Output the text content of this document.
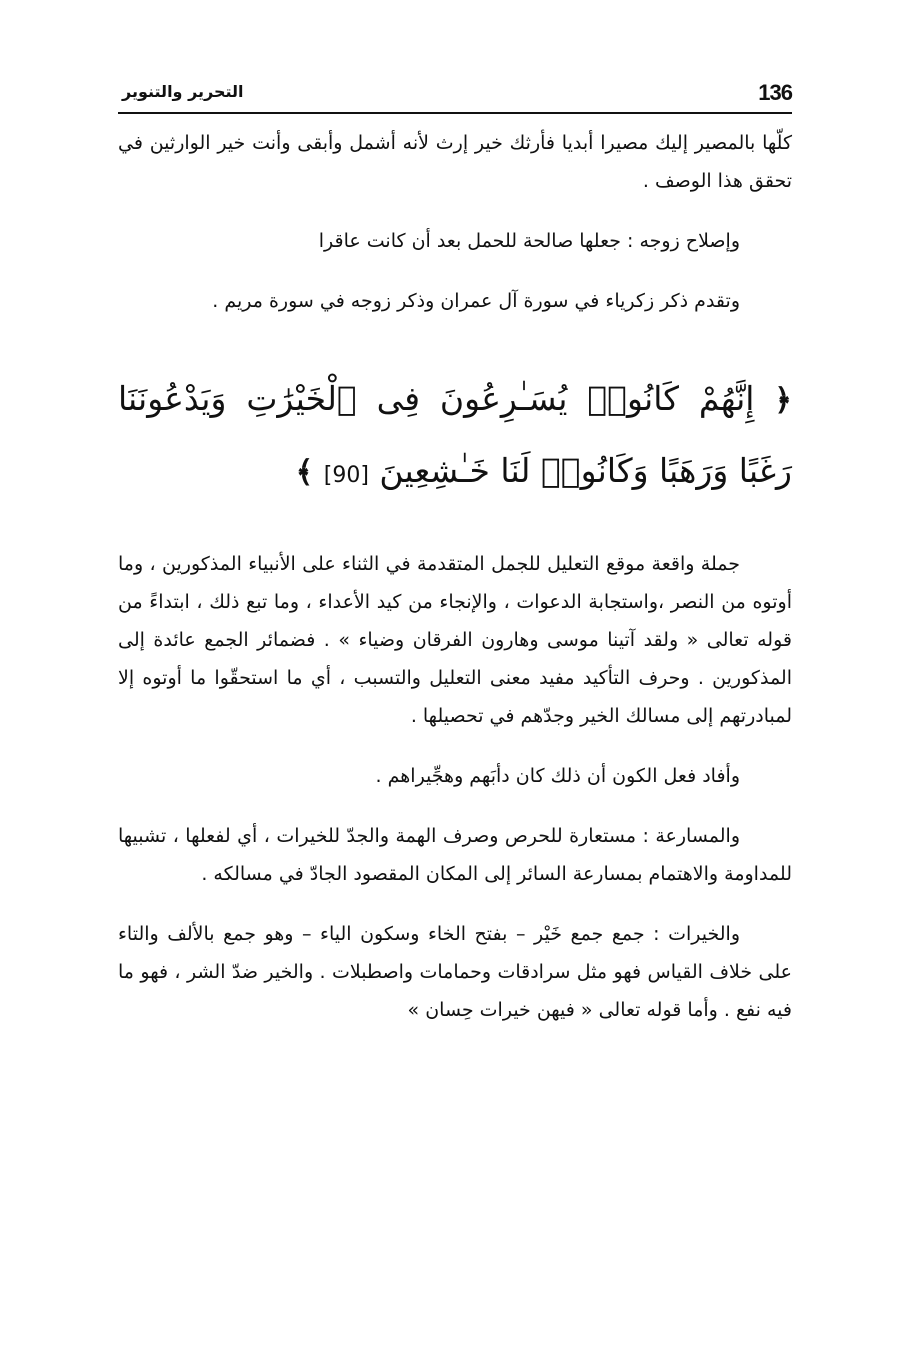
136
التحرير والتنوير

كلّها بالمصير إليك مصيرا أبديا فأرثك خير إرث لأنه أشمل وأبقى وأنت خير الوارثين في تحقق هذا الوصف .

وإصلاح زوجه : جعلها صالحة للحمل بعد أن كانت عاقرا

وتقدم ذكر زكرياء في سورة آل عمران وذكر زوجه في سورة مريم .

﴿ إِنَّهُمْ كَانُوا۟ يُسَـٰرِعُونَ فِى ٱلْخَيْرَٰتِ وَيَدْعُونَنَا رَغَبًا وَرَهَبًا وَكَانُوا۟ لَنَا خَـٰشِعِينَ [90] ﴾

جملة واقعة موقع التعليل للجمل المتقدمة في الثناء على الأنبياء المذكورين ، وما أوتوه من النصر ،واستجابة الدعوات ، والإنجاء من كيد الأعداء ، وما تبع ذلك ، ابتداءً من قوله تعالى « ولقد آتينا موسى وهارون الفرقان وضياء » . فضمائر الجمع عائدة إلى المذكورين . وحرف التأكيد مفيد معنى التعليل والتسبب ، أي ما استحقّوا ما أوتوه إلا لمبادرتهم إلى مسالك الخير وجدّهم في تحصيلها .

وأفاد فعل الكون أن ذلك كان دأبَهم وهجِّيراهم .

والمسارعة : مستعارة للحرص وصرف الهمة والجدّ للخيرات ، أي لفعلها ، تشبيها للمداومة والاهتمام بمسارعة السائر إلى المكان المقصود الجادّ في مسالكه .

والخيرات : جمع جمع خَيْر – بفتح الخاء وسكون الياء – وهو جمع بالألف والتاء على خلاف القياس فهو مثل سرادقات وحمامات واصطبلات . والخير ضدّ الشر ، فهو ما فيه نفع . وأما قوله تعالى « فيهن خيرات حِسان »
